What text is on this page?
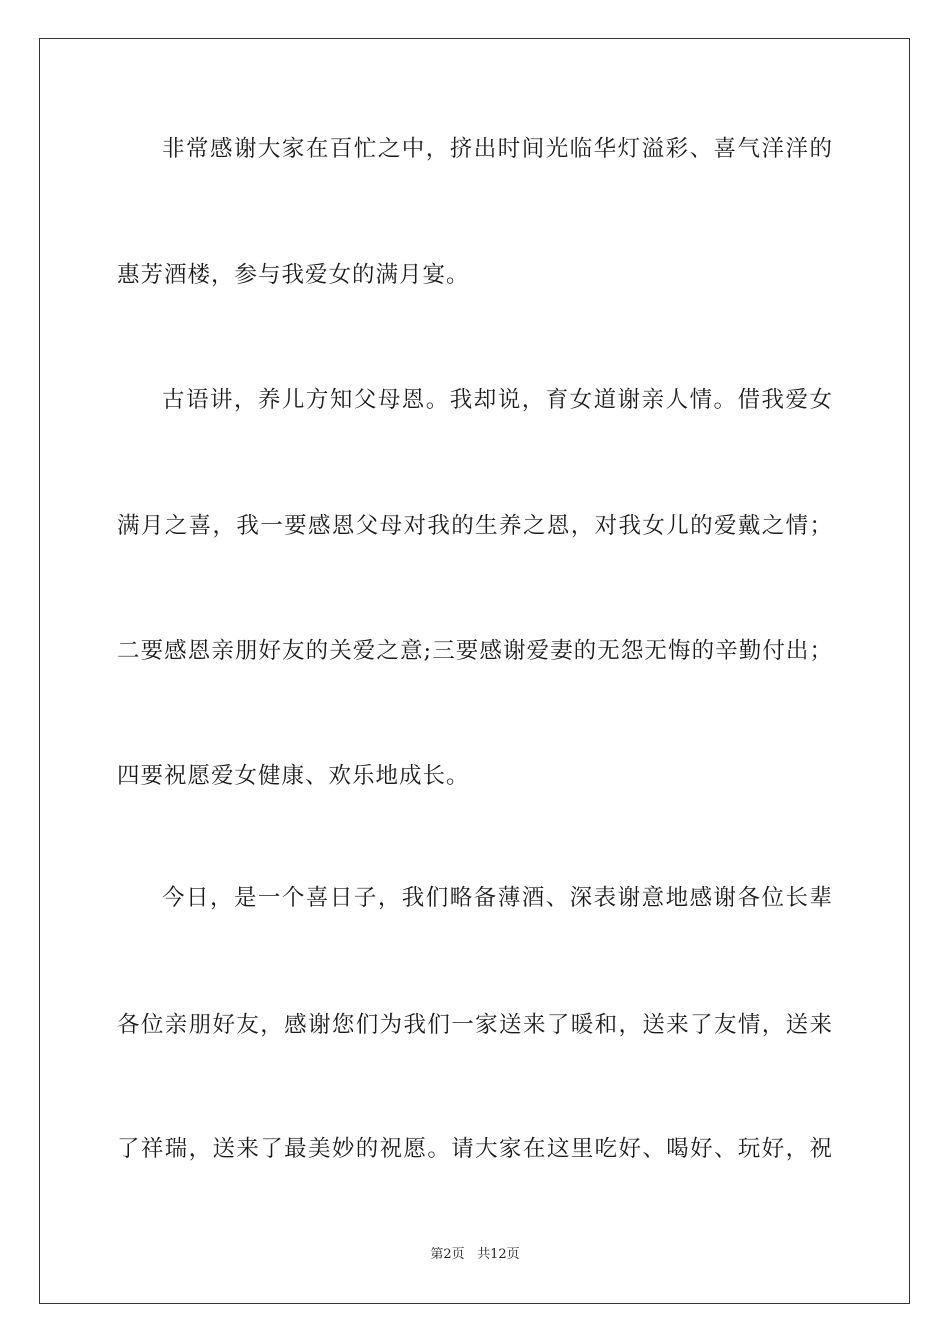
非常感谢大家在百忙之中，挤出时间光临华灯溢彩、喜气洋洋的
惠芳酒楼，参与我爱女的满月宴。
古语讲，养儿方知父母恩。我却说，育女道谢亲人情。借我爱女
满月之喜，我一要感恩父母对我的生养之恩，对我女儿的爱戴之情；
二要感恩亲朋好友的关爱之意;三要感谢爱妻的无怨无悔的辛勤付出；
四要祝愿爱女健康、欢乐地成长。
今日，是一个喜日子，我们略备薄酒、深表谢意地感谢各位长辈
各位亲朋好友，感谢您们为我们一家送来了暖和，送来了友情，送来
了祥瑞，送来了最美妙的祝愿。请大家在这里吃好、喝好、玩好，祝
第2页 共12页
